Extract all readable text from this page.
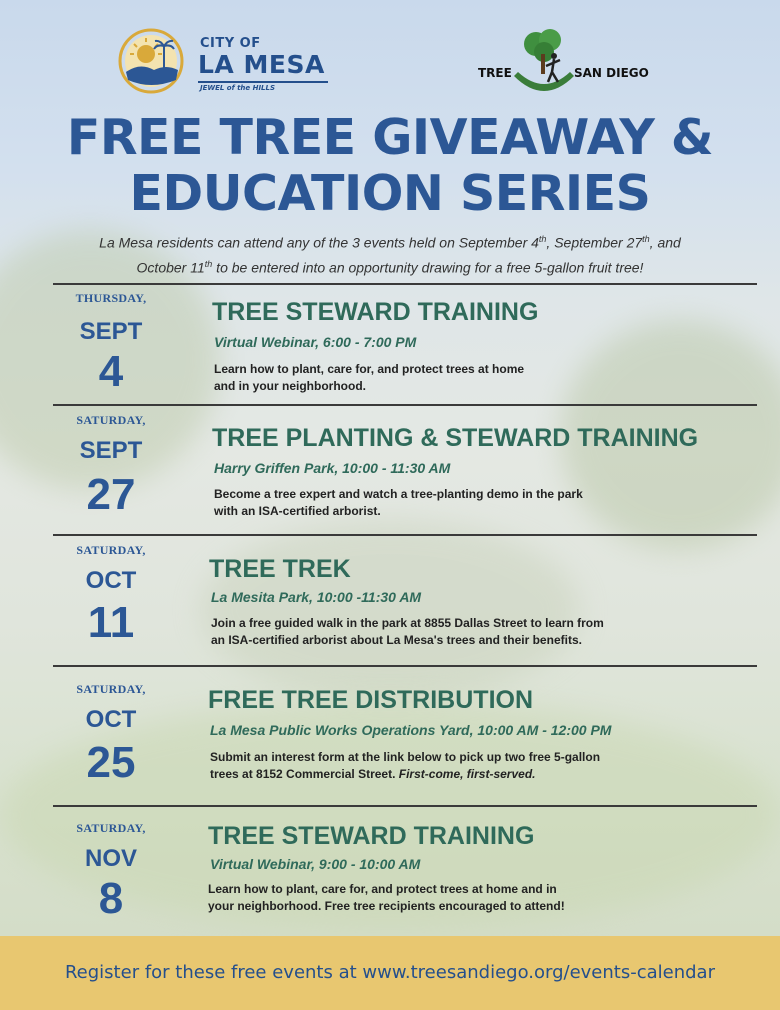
CITY OF
LA MESA
JEWEL of the HILLS
TREE	SAN DIEGO
FREE TREE GIVEAWAY &
EDUCATION SERIES
La Mesa residents can attend any of the 3 events held on September 4th, September 27th, and
October 11th to be entered into an opportunity drawing for a free 5-gallon fruit tree!
THURSDAY,
SEPT
4
TREE STEWARD TRAINING
Virtual Webinar, 6:00 - 7:00 PM
Learn how to plant, care for, and protect trees at home
and in your neighborhood.
SATURDAY,
SEPT
27
TREE PLANTING & STEWARD TRAINING
Harry Griffen Park, 10:00 - 11:30 AM
Become a tree expert and watch a tree-planting demo in the park
with an ISA-certified arborist.
SATURDAY,
OCT
11
TREE TREK
La Mesita Park, 10:00 -11:30 AM
Join a free guided walk in the park at 8855 Dallas Street to learn from
an ISA-certified arborist about La Mesa's trees and their benefits.
SATURDAY,
OCT
25
FREE TREE DISTRIBUTION
La Mesa Public Works Operations Yard, 10:00 AM - 12:00 PM
Submit an interest form at the link below to pick up two free 5-gallon
trees at 8152 Commercial Street. First-come, first-served.
SATURDAY,
NOV
8
TREE STEWARD TRAINING
Virtual Webinar, 9:00 - 10:00 AM
Learn how to plant, care for, and protect trees at home and in
your neighborhood. Free tree recipients encouraged to attend!
Register for these free events at www.treesandiego.org/events-calendar
